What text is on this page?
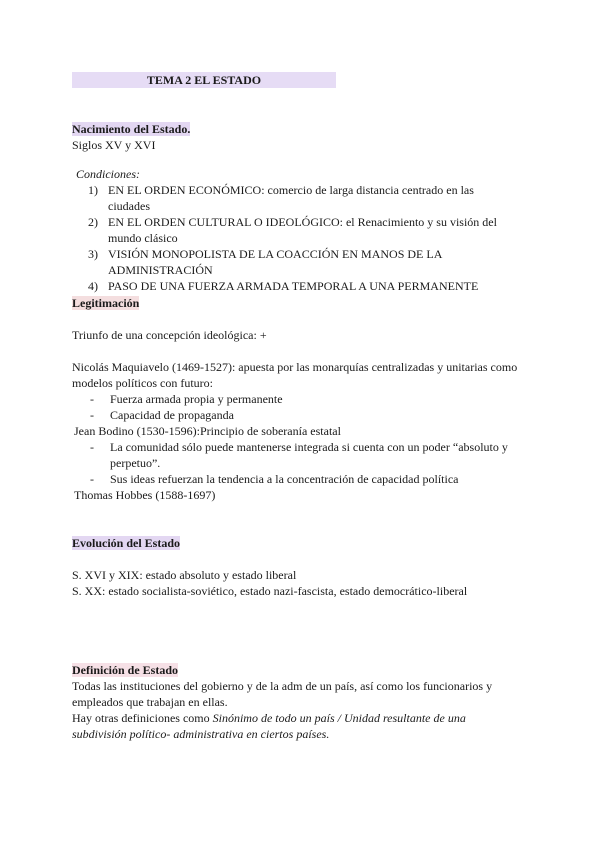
TEMA 2 EL ESTADO
Nacimiento del Estado.
Siglos XV y XVI
Condiciones:
1) EN EL ORDEN ECONÓMICO: comercio de larga distancia centrado en las ciudades
2) EN EL ORDEN CULTURAL O IDEOLÓGICO: el Renacimiento y su visión del mundo clásico
3) VISIÓN MONOPOLISTA DE LA COACCIÓN EN MANOS DE LA ADMINISTRACIÓN
4) PASO DE UNA FUERZA ARMADA TEMPORAL A UNA PERMANENTE
Legitimación
Triunfo de una concepción ideológica: +
Nicolás Maquiavelo (1469-1527): apuesta por las monarquías centralizadas y unitarias como modelos políticos con futuro:
- Fuerza armada propia y permanente
- Capacidad de propaganda
Jean Bodino (1530-1596):Principio de soberanía estatal
- La comunidad sólo puede mantenerse integrada si cuenta con un poder “absoluto y perpetuo”.
- Sus ideas refuerzan la tendencia a la concentración de capacidad política
Thomas Hobbes (1588-1697)
Evolución del Estado
S. XVI y XIX: estado absoluto y estado liberal
S. XX: estado socialista-soviético, estado nazi-fascista, estado democrático-liberal
Definición de Estado
Todas las instituciones del gobierno y de la adm de un país, así como los funcionarios y empleados que trabajan en ellas.
Hay otras definiciones como Sinónimo de todo un país / Unidad resultante de una subdivisión político- administrativa en ciertos países.
